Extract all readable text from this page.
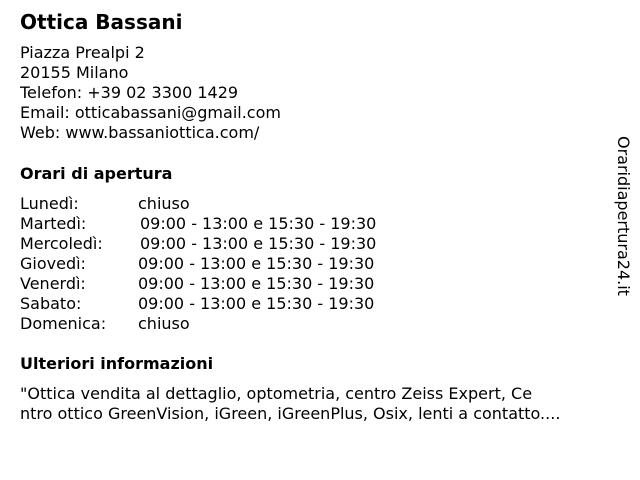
Ottica Bassani
Piazza Prealpi 2
20155 Milano
Telefon: +39 02 3300 1429
Email: otticabassani@gmail.com
Web: www.bassaniottica.com/
Orari di apertura
Lunedì:	chiuso
Martedì:	09:00 - 13:00 e 15:30 - 19:30
Mercoledì: 09:00 - 13:00 e 15:30 - 19:30
Giovedì:	09:00 - 13:00 e 15:30 - 19:30
Venerdì:	09:00 - 13:00 e 15:30 - 19:30
Sabato:	09:00 - 13:00 e 15:30 - 19:30
Domenica: chiuso
Ulteriori informazioni
"Ottica vendita al dettaglio, optometria, centro Zeiss Expert, Ce
ntro ottico GreenVision, iGreen, iGreenPlus, Osix, lenti a contatto....
Oraridiapertura24.it
